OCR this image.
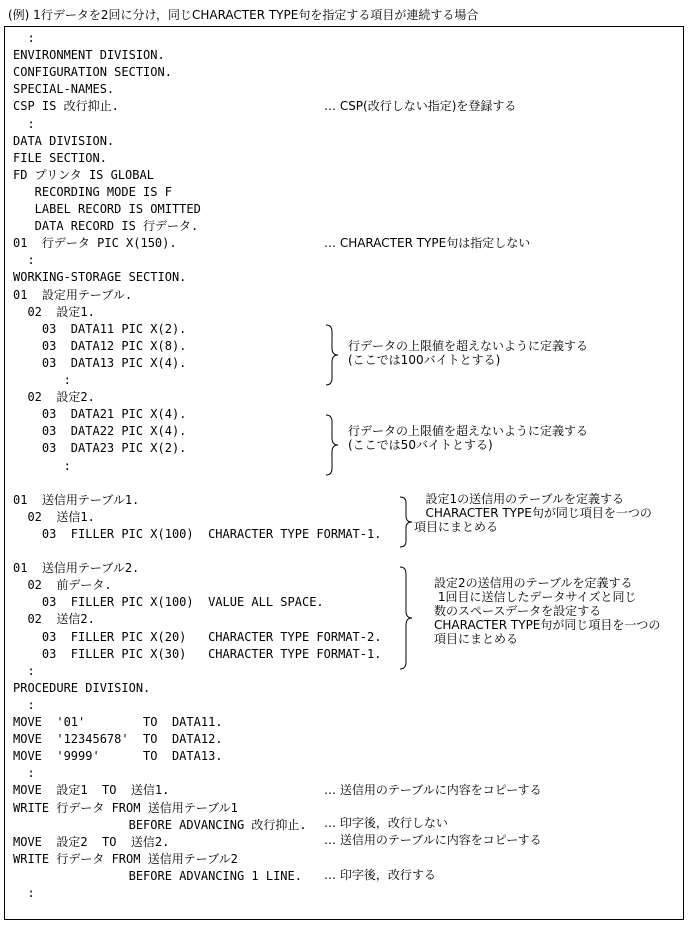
(例) 1行データを2回に分け，同じCHARACTER TYPE句を指定する項目が連続する場合
:
ENVIRONMENT DIVISION.
CONFIGURATION SECTION.
SPECIAL-NAMES.
CSP IS 改行抑止.
:
DATA DIVISION.
FILE SECTION.
FD プリンタ IS GLOBAL
RECORDING MODE IS F
LABEL RECORD IS OMITTED
DATA RECORD IS 行データ.
01  行データ PIC X(150).
:
WORKING-STORAGE SECTION.
01  設定用テーブル.
02  設定1.
03  DATA11 PIC X(2).
03  DATA12 PIC X(8).
03  DATA13 PIC X(4).
:
02  設定2.
03  DATA21 PIC X(4).
03  DATA22 PIC X(4).
03  DATA23 PIC X(2).
:
01  送信用テーブル1.
02  送信1.
03  FILLER PIC X(100)  CHARACTER TYPE FORMAT-1.
01  送信用テーブル2.
02  前データ.
03  FILLER PIC X(100)  VALUE ALL SPACE.
02  送信2.
03  FILLER PIC X(20)   CHARACTER TYPE FORMAT-2.
03  FILLER PIC X(30)   CHARACTER TYPE FORMAT-1.
:
PROCEDURE DIVISION.
:
MOVE  '01'        TO  DATA11.
MOVE  '12345678'  TO  DATA12.
MOVE  '9999'      TO  DATA13.
:
MOVE  設定1  TO  送信1.
WRITE 行データ FROM 送信用テーブル1
BEFORE ADVANCING 改行抑止.
MOVE  設定2  TO  送信2.
WRITE 行データ FROM 送信用テーブル2
BEFORE ADVANCING 1 LINE.
:
… CSP(改行しない指定)を登録する
… CHARACTER TYPE句は指定しない
行データの上限値を超えないように定義する
(ここでは100バイトとする)
行データの上限値を超えないように定義する
(ここでは50バイトとする)
設定1の送信用のテーブルを定義する
CHARACTER TYPE句が同じ項目を一つの
項目にまとめる
設定2の送信用のテーブルを定義する
1回目に送信したデータサイズと同じ
数のスペースデータを設定する
CHARACTER TYPE句が同じ項目を一つの
項目にまとめる
… 送信用のテーブルに内容をコピーする
… 印字後，改行しない
… 送信用のテーブルに内容をコピーする
… 印字後，改行する
